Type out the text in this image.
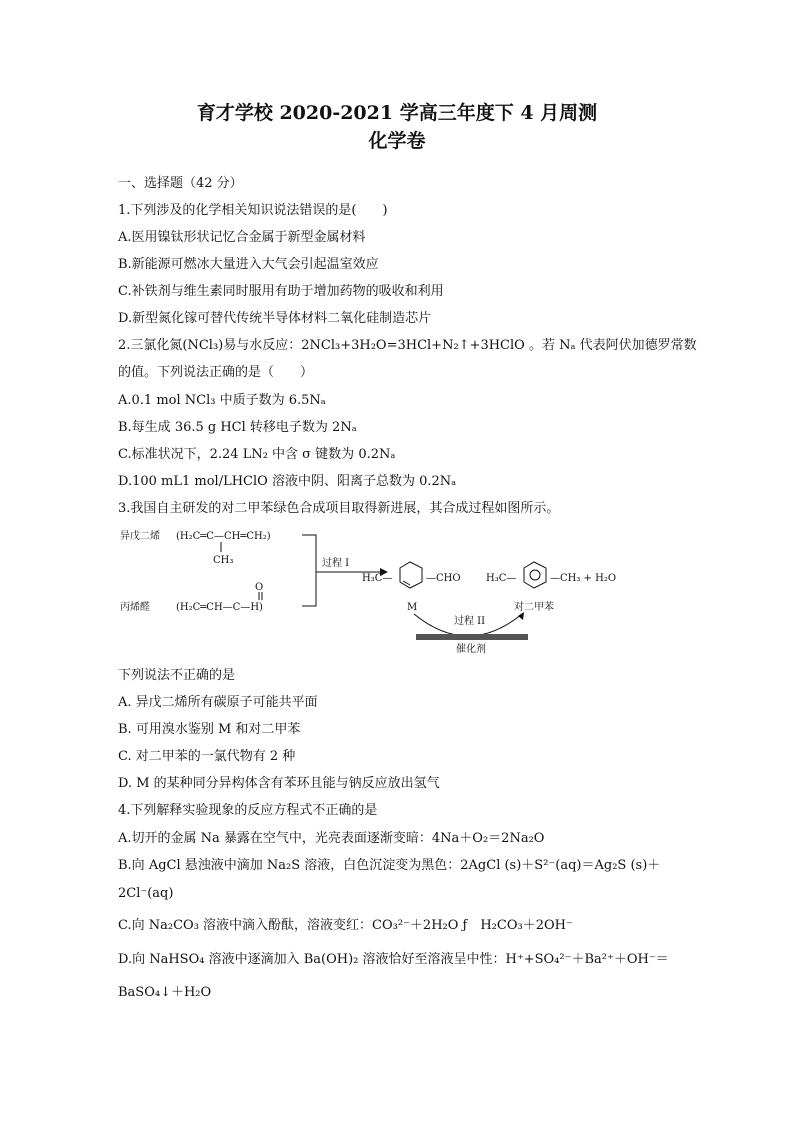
育才学校 2020-2021 学高三年度下 4 月周测
化学卷
一、选择题（42 分）
1.下列涉及的化学相关知识说法错误的是(　　)
A.医用镍钛形状记忆合金属于新型金属材料
B.新能源可燃冰大量进入大气会引起温室效应
C.补铁剂与维生素同时服用有助于增加药物的吸收和利用
D.新型氮化镓可替代传统半导体材料二氧化硅制造芯片
2.三氯化氮(NCl₃)易与水反应：2NCl₃+3H₂O=3HCl+N₂↑+3HClO 。若 Nₐ 代表阿伏加德罗常数
的值。下列说法正确的是（　　）
A.0.1 mol NCl₃ 中质子数为 6.5Nₐ
B.每生成 36.5 g HCl 转移电子数为 2Nₐ
C.标准状况下，2.24 LN₂ 中含 σ 键数为 0.2Nₐ
D.100 mL1 mol/LHClO 溶液中阴、阳离子总数为 0.2Nₐ
3.我国自主研发的对二甲苯绿色合成项目取得新进展，其合成过程如图所示。
异戊二烯 (H₂C═C—CH═CH₂)
CH₃
O
丙烯醛	(H₂C═CH—C—H)
过程 I
H₃C—	—CHO	H₃C—	—CH₃ + H₂O
M	对二甲苯
过程 II
催化剂
下列说法不正确的是
A. 异戊二烯所有碳原子可能共平面
B. 可用溴水鉴别 M 和对二甲苯
C. 对二甲苯的一氯代物有 2 种
D. M 的某种同分异构体含有苯环且能与钠反应放出氢气
4.下列解释实验现象的反应方程式不正确的是
A.切开的金属 Na 暴露在空气中，光亮表面逐渐变暗：4Na＋O₂＝2Na₂O
B.向 AgCl 悬浊液中滴加 Na₂S 溶液，白色沉淀变为黑色：2AgCl (s)＋S²⁻(aq)＝Ag₂S (s)＋
2Cl⁻(aq)
C.向 Na₂CO₃ 溶液中滴入酚酞，溶液变红：CO₃²⁻＋2H₂O ƒ　H₂CO₃＋2OH⁻
D.向 NaHSO₄ 溶液中逐滴加入 Ba(OH)₂ 溶液恰好至溶液呈中性：H⁺+SO₄²⁻＋Ba²⁺＋OH⁻＝
BaSO₄↓＋H₂O
